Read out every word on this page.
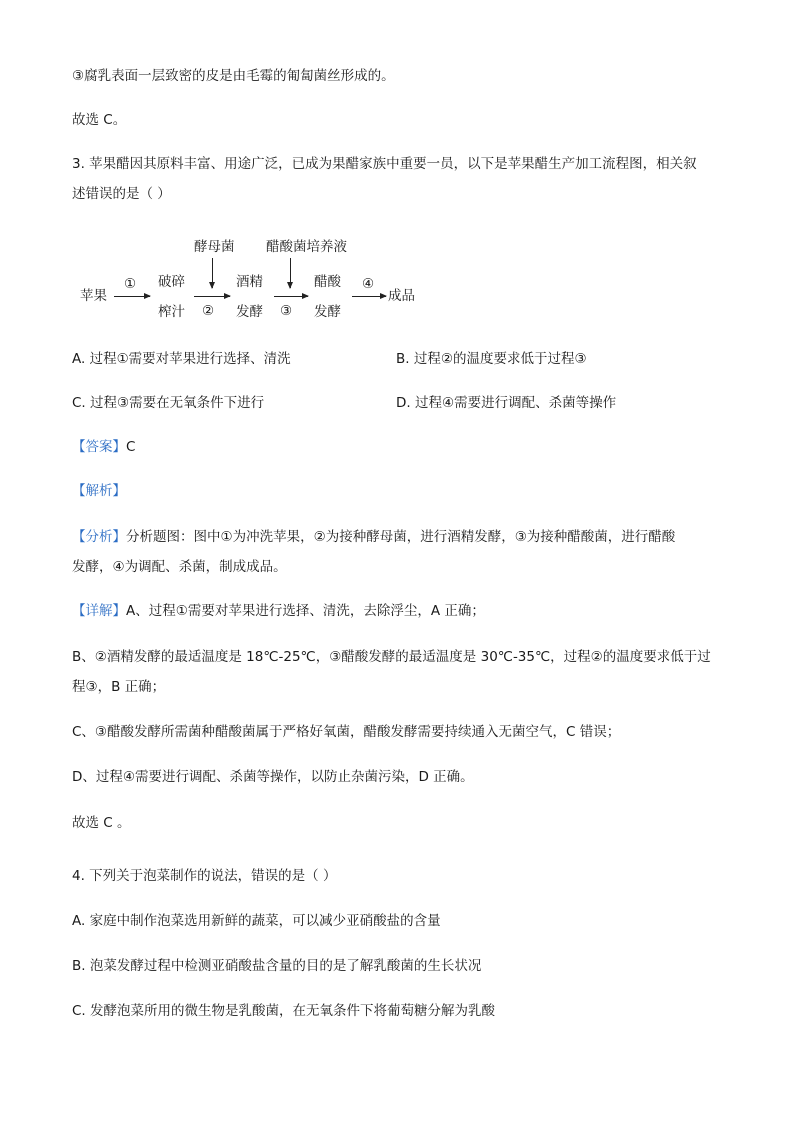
③腐乳表面一层致密的皮是由毛霉的匍匐菌丝形成的。
故选 C。
3. 苹果醋因其原料丰富、用途广泛，已成为果醋家族中重要一员，以下是苹果醋生产加工流程图，相关叙
述错误的是（ ）
苹果
① 破碎
榨汁
酵母菌
②
酒精
发酵
醋酸菌培养液
③
醋酸
发酵
④
成品
A. 过程①需要对苹果进行选择、清洗	B. 过程②的温度要求低于过程③
C. 过程③需要在无氧条件下进行	D. 过程④需要进行调配、杀菌等操作
【答案】C
【解析】
【分析】分析题图：图中①为冲洗苹果，②为接种酵母菌，进行酒精发酵，③为接种醋酸菌，进行醋酸
发酵，④为调配、杀菌，制成成品。
【详解】A、过程①需要对苹果进行选择、清洗，去除浮尘，A 正确；
B、②酒精发酵的最适温度是 18℃-25℃，③醋酸发酵的最适温度是 30℃-35℃，过程②的温度要求低于过
程③，B 正确；
C、③醋酸发酵所需菌种醋酸菌属于严格好氧菌，醋酸发酵需要持续通入无菌空气，C 错误；
D、过程④需要进行调配、杀菌等操作，以防止杂菌污染，D 正确。
故选 C 。
4. 下列关于泡菜制作的说法，错误的是（ ）
A. 家庭中制作泡菜选用新鲜的蔬菜，可以减少亚硝酸盐的含量
B. 泡菜发酵过程中检测亚硝酸盐含量的目的是了解乳酸菌的生长状况
C. 发酵泡菜所用的微生物是乳酸菌，在无氧条件下将葡萄糖分解为乳酸
